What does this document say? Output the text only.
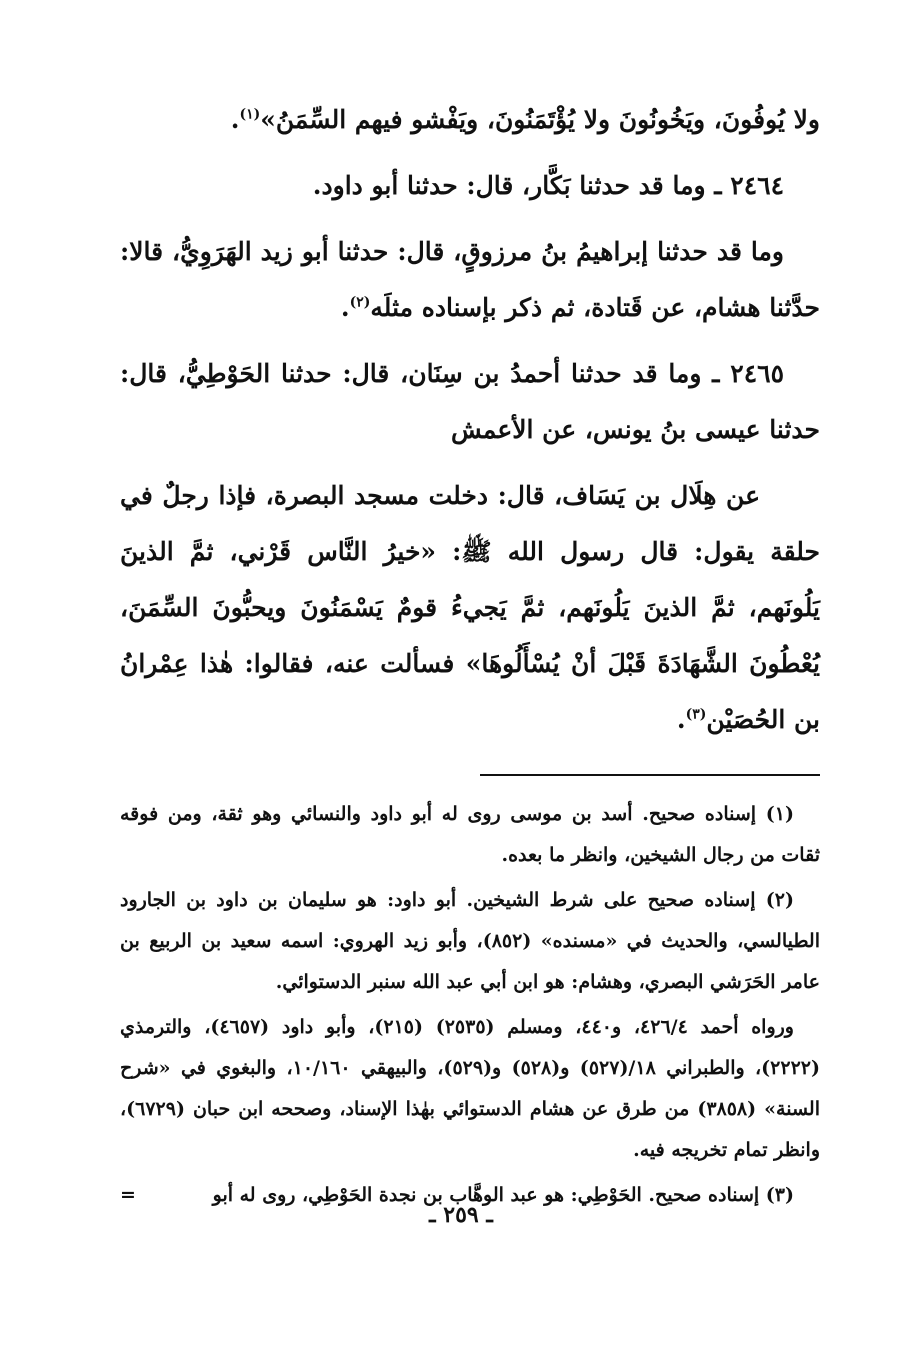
ولا يُوفُونَ، ويَخُونُونَ ولا يُؤْتَمَنُونَ، ويَفْشو فيهم السِّمَنُ»$^{(١)}$.

٢٤٦٤ ـ وما قد حدثنا بَكَّار، قال: حدثنا أبو داود.

وما قد حدثنا إبراهيمُ بنُ مرزوقٍ، قال: حدثنا أبو زيد الهَرَوِيُّ، قالا: حدَّثنا هشام، عن قَتادة، ثم ذكر بإسناده مثلَه$^{(٢)}$.

٢٤٦٥ ـ وما قد حدثنا أحمدُ بن سِنَان، قال: حدثنا الحَوْطِيُّ، قال: حدثنا عيسى بنُ يونس، عن الأعمش

عن هِلَال بن يَسَاف، قال: دخلت مسجد البصرة، فإذا رجلٌ في حلقة يقول: قال رسول الله ﷺ: «خيرُ النَّاس قَرْني، ثمَّ الذينَ يَلُونَهم، ثمَّ الذينَ يَلُونَهم، ثمَّ يَجيءُ قومٌ يَسْمَنُونَ ويحبُّونَ السِّمَنَ، يُعْطُونَ الشَّهَادَةَ قَبْلَ أنْ يُسْأَلُوهَا» فسألت عنه، فقالوا: هٰذا عِمْرانُ بن الحُصَيْن$^{(٣)}$.

(١) إسناده صحيح. أسد بن موسى روى له أبو داود والنسائي وهو ثقة، ومن فوقه ثقات من رجال الشيخين، وانظر ما بعده.

(٢) إسناده صحيح على شرط الشيخين. أبو داود: هو سليمان بن داود بن الجارود الطيالسي، والحديث في «مسنده» (٨٥٢)، وأبو زيد الهروي: اسمه سعيد بن الربيع بن عامر الحَرَشي البصري، وهشام: هو ابن أبي عبد الله سنبر الدستوائي.

ورواه أحمد ٤٢٦/٤، و٤٤٠، ومسلم (٢٥٣٥) (٢١٥)، وأبو داود (٤٦٥٧)، والترمذي (٢٢٢٢)، والطبراني ١٨/(٥٢٧) و(٥٢٨) و(٥٢٩)، والبيهقي ١٠/١٦٠، والبغوي في «شرح السنة» (٣٨٥٨) من طرق عن هشام الدستوائي بهٰذا الإسناد، وصححه ابن حبان (٦٧٢٩)، وانظر تمام تخريجه فيه.

(٣) إسناده صحيح. الحَوْطِي: هو عبد الوهَّاب بن نجدة الحَوْطِي، روى له أبو
=

ـ ٢٥٩ ـ
